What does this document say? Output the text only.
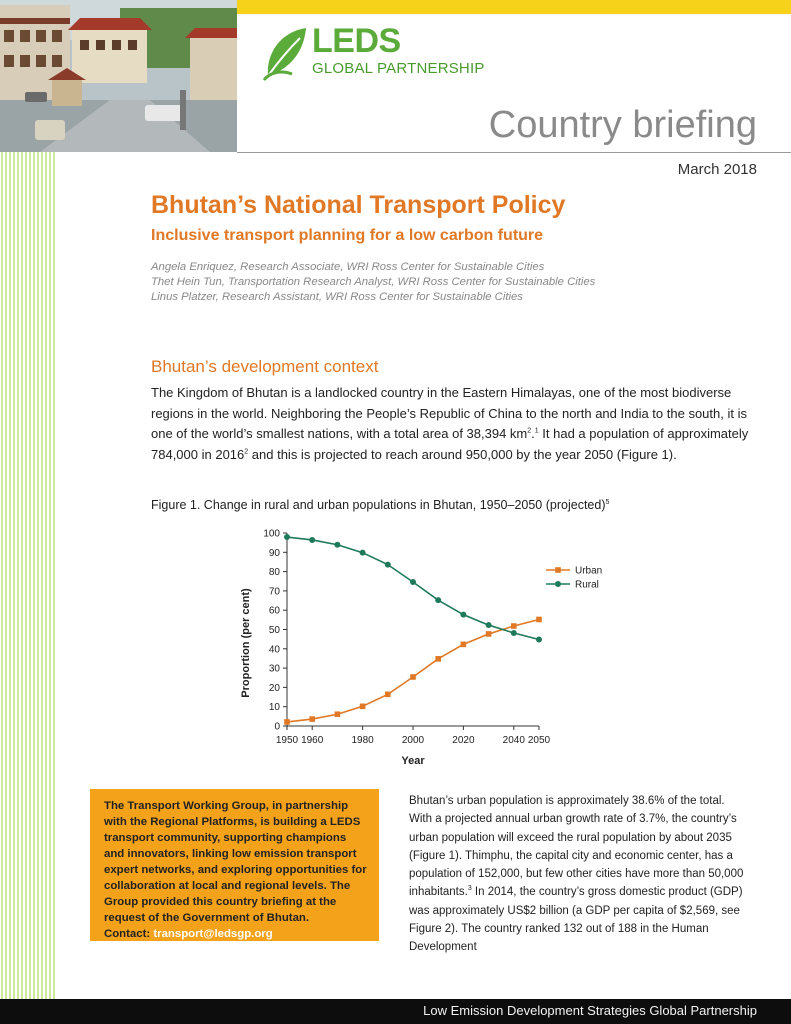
LEDS
GLOBAL PARTNERSHIP
Country briefing
March 2018
Bhutan’s National Transport Policy
Inclusive transport planning for a low carbon future
Angela Enriquez, Research Associate, WRI Ross Center for Sustainable Cities
Thet Hein Tun, Transportation Research Analyst, WRI Ross Center for Sustainable Cities
Linus Platzer, Research Assistant, WRI Ross Center for Sustainable Cities
Bhutan’s development context

The Kingdom of Bhutan is a landlocked country in the Eastern Himalayas, one of the most biodiverse regions in the world. Neighboring the People’s Republic of China to the north and India to the south, it is one of the world’s smallest nations, with a total area of 38,394 $km^2.^1$ It had a population of approximately 784,000 in 2016$^2$ and this is projected to reach around 950,000 by the year 2050 (Figure 1).

Figure 1. Change in rural and urban populations in Bhutan, 1950–2050 (projected)$^5$
0
10
20
30
40
50
60
70
80
90
100
1950 1960	1980	2000	2020	2040 2050
Urban
Rural
Proportion (per cent)
Year
The Transport Working Group, in partnership with the Regional Platforms, is building a LEDS transport community, supporting champions and innovators, linking low emission transport expert networks, and exploring opportunities for collaboration at local and regional levels. The Group provided this country briefing at the request of the Government of Bhutan.
Contact: transport@ledsgp.org

Bhutan’s urban population is approximately 38.6% of the total. With a projected annual urban growth rate of 3.7%, the country’s urban population will exceed the rural population by about 2035 (Figure 1). Thimphu, the capital city and economic center, has a population of 152,000, but few other cities have more than 50,000 inhabitants.$^3$ In 2014, the country’s gross domestic product (GDP) was approximately US$2 billion (a GDP per capita of $2,569, see Figure 2). The country ranked 132 out of 188 in the Human Development

Low Emission Development Strategies Global Partnership
